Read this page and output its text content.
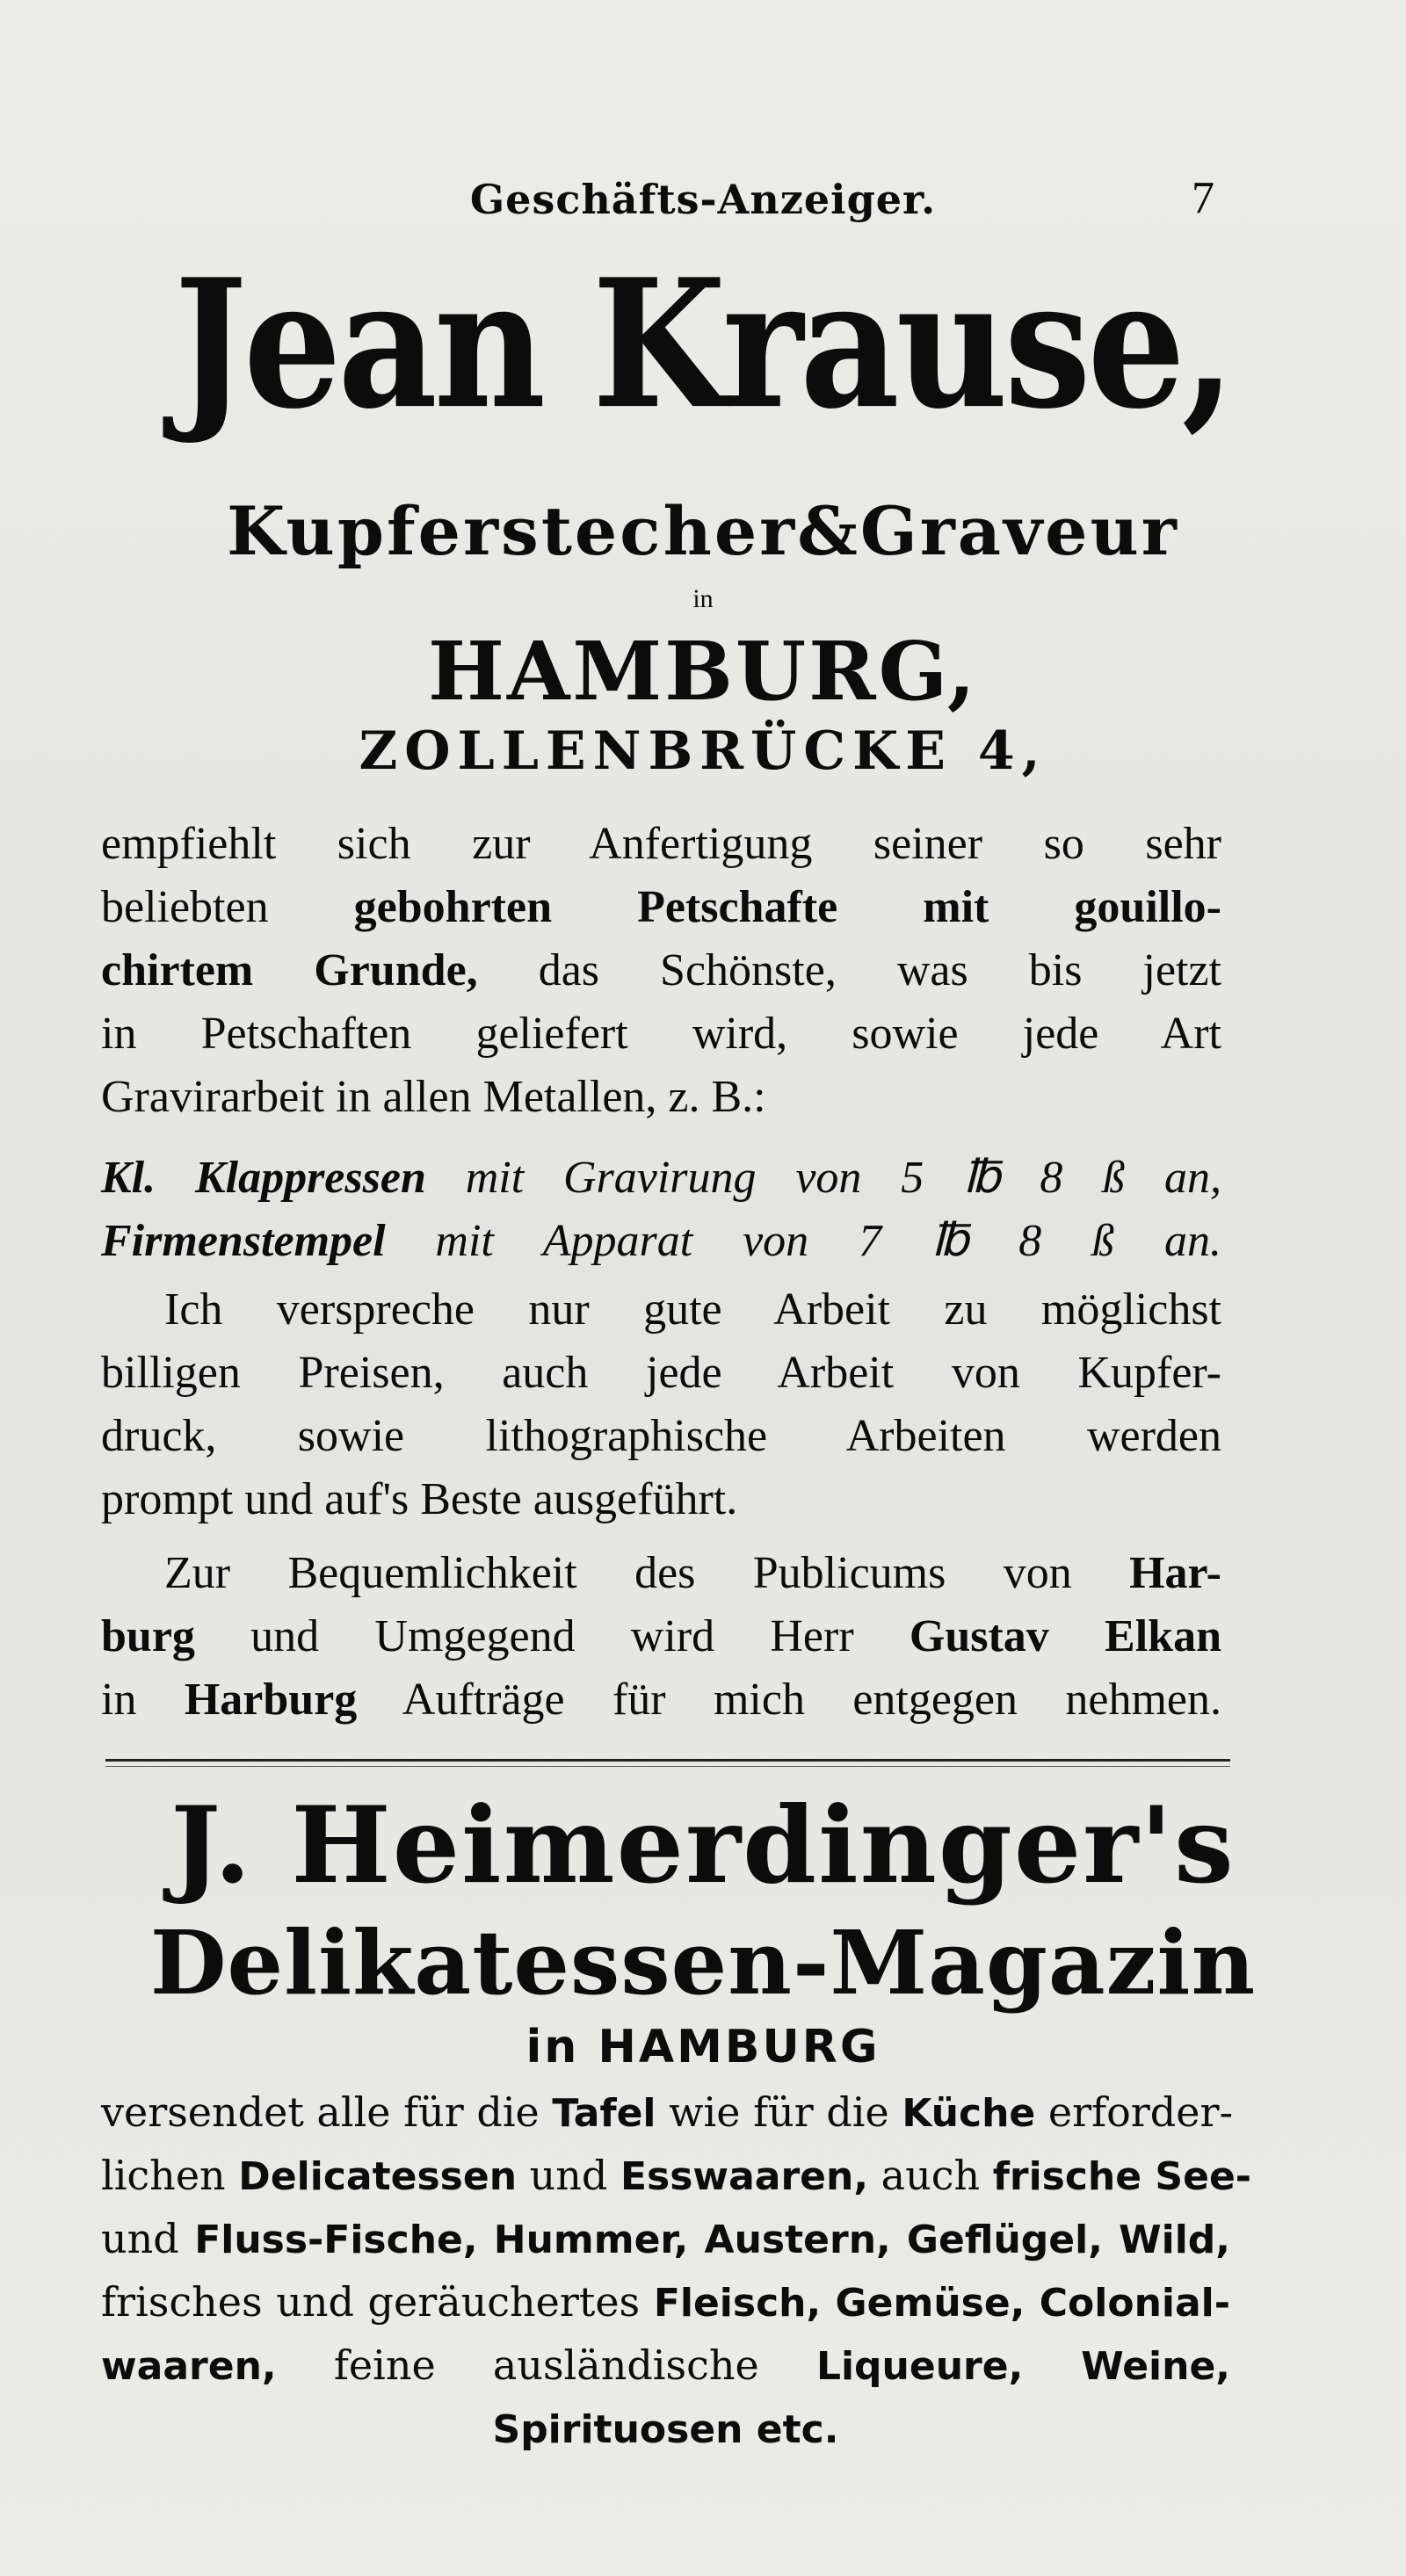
Geschäfts-Anzeiger.	7
Jean Krause,
Kupferstecher&Graveur
in
HAMBURG,
ZOLLENBRÜCKE 4,
empfiehlt sich zur Anfertigung seiner so sehr
beliebten gebohrten Petschafte mit gouillo-
chirtem Grunde, das Schönste, was bis jetzt
in Petschaften geliefert wird, sowie jede Art
Gravirarbeit in allen Metallen, z. B.:
Kl. Klappressen mit Gravirung von 5 ℔ 8 ß an,
Firmenstempel mit Apparat von 7 ℔ 8 ß an.
Ich verspreche nur gute Arbeit zu möglichst
billigen Preisen, auch jede Arbeit von Kupfer-
druck, sowie lithographische Arbeiten werden
prompt und auf's Beste ausgeführt.
Zur Bequemlichkeit des Publicums von Har-
burg und Umgegend wird Herr Gustav Elkan
in Harburg Aufträge für mich entgegen nehmen.
J. Heimerdinger's
Delikatessen-Magazin
in HAMBURG
versendet alle für die Tafel wie für die Küche erforder-
lichen Delicatessen und Esswaaren, auch frische See-
und Fluss-Fische, Hummer, Austern, Geflügel, Wild,
frisches und geräuchertes Fleisch, Gemüse, Colonial-
waaren, feine ausländische Liqueure, Weine,
Spirituosen etc.
